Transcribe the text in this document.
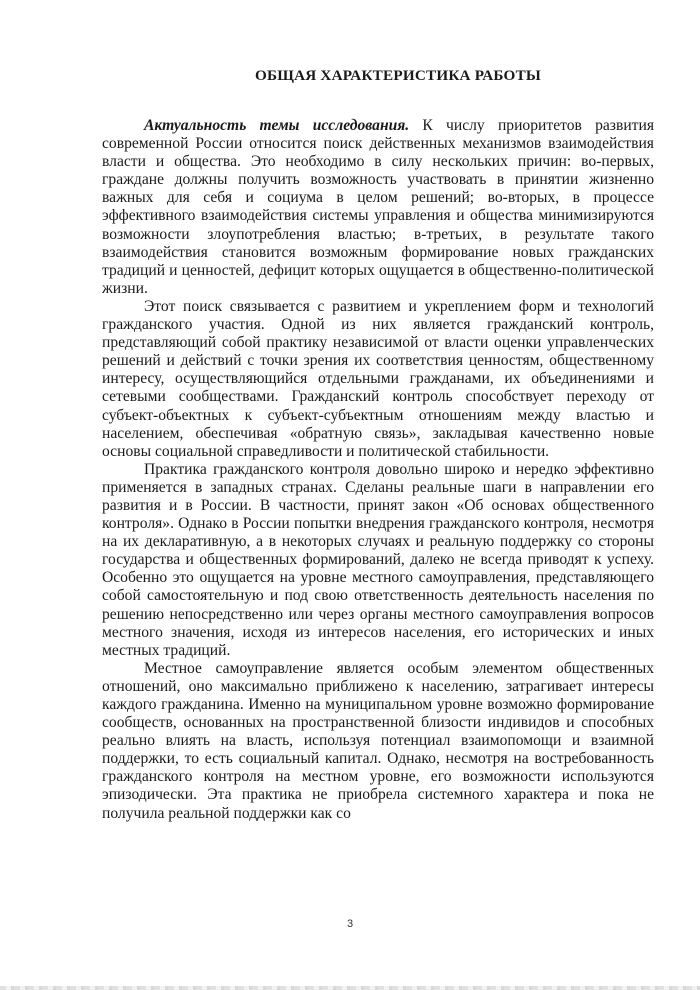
ОБЩАЯ ХАРАКТЕРИСТИКА РАБОТЫ

Актуальность темы исследования. К числу приоритетов развития современной России относится поиск действенных механизмов взаимодействия власти и общества. Это необходимо в силу нескольких причин: во-первых, граждане должны получить возможность участвовать в принятии жизненно важных для себя и социума в целом решений; во-вторых, в процессе эффективного взаимодействия системы управления и общества минимизируются возможности злоупотребления властью; в-третьих, в результате такого взаимодействия становится возможным формирование новых гражданских традиций и ценностей, дефицит которых ощущается в общественно-политической жизни.

Этот поиск связывается с развитием и укреплением форм и технологий гражданского участия. Одной из них является гражданский контроль, представляющий собой практику независимой от власти оценки управленческих решений и действий с точки зрения их соответствия ценностям, общественному интересу, осуществляющийся отдельными гражданами, их объединениями и сетевыми сообществами. Гражданский контроль способствует переходу от субъект-объектных к субъект-субъектным отношениям между властью и населением, обеспечивая «обратную связь», закладывая качественно новые основы социальной справедливости и политической стабильности.

Практика гражданского контроля довольно широко и нередко эффективно применяется в западных странах. Сделаны реальные шаги в направлении его развития и в России. В частности, принят закон «Об основах общественного контроля». Однако в России попытки внедрения гражданского контроля, несмотря на их декларативную, а в некоторых случаях и реальную поддержку со стороны государства и общественных формирований, далеко не всегда приводят к успеху. Особенно это ощущается на уровне местного самоуправления, представляющего собой самостоятельную и под свою ответственность деятельность населения по решению непосредственно или через органы местного самоуправления вопросов местного значения, исходя из интересов населения, его исторических и иных местных традиций.

Местное самоуправление является особым элементом общественных отношений, оно максимально приближено к населению, затрагивает интересы каждого гражданина. Именно на муниципальном уровне возможно формирование сообществ, основанных на пространственной близости индивидов и способных реально влиять на власть, используя потенциал взаимопомощи и взаимной поддержки, то есть социальный капитал. Однако, несмотря на востребованность гражданского контроля на местном уровне, его возможности используются эпизодически. Эта практика не приобрела системного характера и пока не получила реальной поддержки как со

3
